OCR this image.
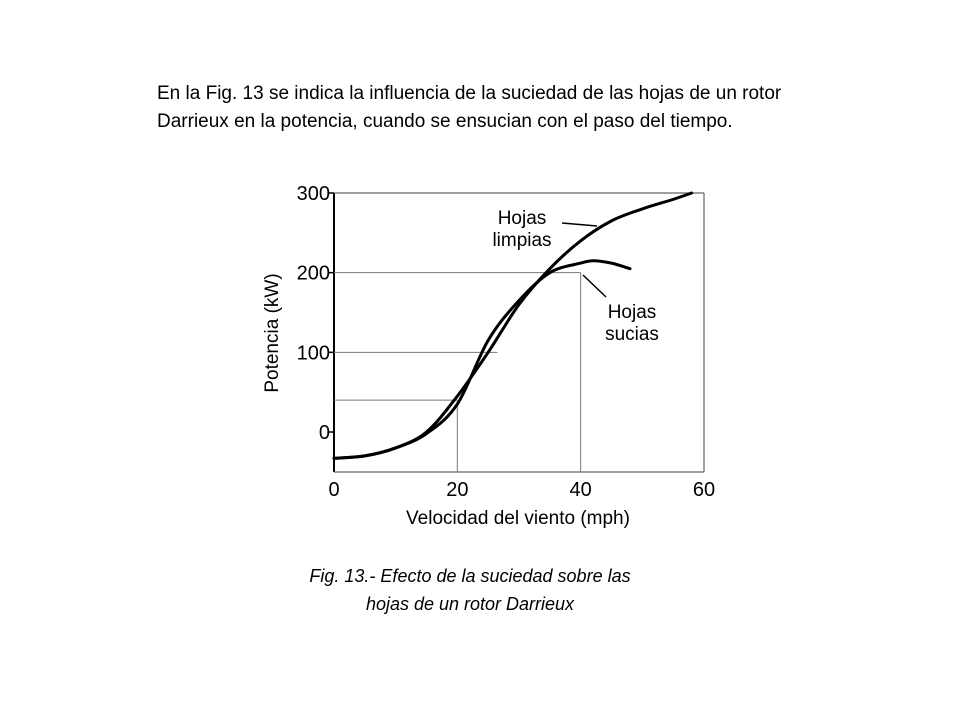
En la Fig. 13 se indica la influencia de la suciedad de las hojas de un rotor

Darrieux en la potencia, cuando se ensucian con el paso del tiempo.

0
100
200
300
0	20	40	60
Hojas limpias
Hojas sucias
Velocidad del viento (mph)
Potencia (kW)

Fig. 13.- Efecto de la suciedad sobre las

hojas de un rotor Darrieux
